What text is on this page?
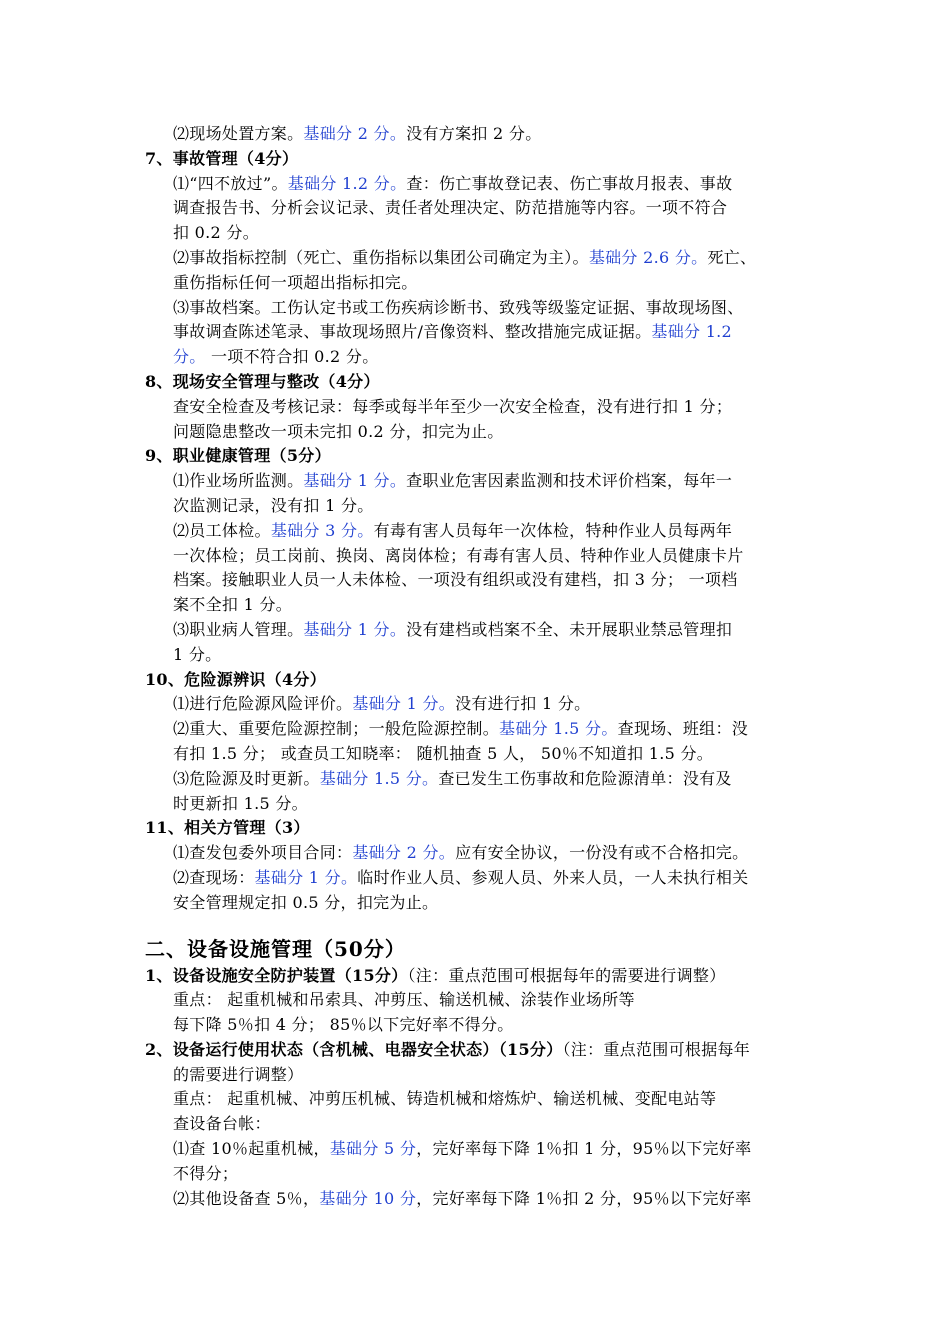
⑵现场处置方案。基础分 2 分。没有方案扣 2 分。
7、事故管理（4分）
⑴“四不放过”。基础分 1.2 分。查：伤亡事故登记表、伤亡事故月报表、事故
调查报告书、分析会议记录、责任者处理决定、防范措施等内容。一项不符合
扣 0.2 分。
⑵事故指标控制（死亡、重伤指标以集团公司确定为主）。基础分 2.6 分。死亡、
重伤指标任何一项超出指标扣完。
⑶事故档案。工伤认定书或工伤疾病诊断书、致残等级鉴定证据、事故现场图、
事故调查陈述笔录、事故现场照片/音像资料、整改措施完成证据。基础分 1.2
分。 一项不符合扣 0.2 分。
8、现场安全管理与整改（4分）
查安全检查及考核记录：每季或每半年至少一次安全检查，没有进行扣 1 分；
问题隐患整改一项未完扣 0.2 分，扣完为止。
9、职业健康管理（5分）
⑴作业场所监测。基础分 1 分。查职业危害因素监测和技术评价档案，每年一
次监测记录，没有扣 1 分。
⑵员工体检。基础分 3 分。有毒有害人员每年一次体检，特种作业人员每两年
一次体检；员工岗前、换岗、离岗体检；有毒有害人员、特种作业人员健康卡片
档案。接触职业人员一人未体检、一项没有组织或没有建档，扣 3 分； 一项档
案不全扣 1 分。
⑶职业病人管理。基础分 1 分。没有建档或档案不全、未开展职业禁忌管理扣
1 分。
10、危险源辨识（4分）
⑴进行危险源风险评价。基础分 1 分。没有进行扣 1 分。
⑵重大、重要危险源控制；一般危险源控制。基础分 1.5 分。查现场、班组：没
有扣 1.5 分； 或查员工知晓率： 随机抽查 5 人， 50％不知道扣 1.5 分。
⑶危险源及时更新。基础分 1.5 分。查已发生工伤事故和危险源清单：没有及
时更新扣 1.5 分。
11、相关方管理（3）
⑴查发包委外项目合同：基础分 2 分。应有安全协议，一份没有或不合格扣完。
⑵查现场：基础分 1 分。临时作业人员、参观人员、外来人员，一人未执行相关
安全管理规定扣 0.5 分，扣完为止。
二、设备设施管理（50分）
1、设备设施安全防护装置（15分）（注：重点范围可根据每年的需要进行调整）
重点： 起重机械和吊索具、冲剪压、输送机械、涂装作业场所等
每下降 5％扣 4 分； 85％以下完好率不得分。
2、设备运行使用状态（含机械、电器安全状态）（15分）（注：重点范围可根据每年
的需要进行调整）
重点： 起重机械、冲剪压机械、铸造机械和熔炼炉、输送机械、变配电站等
查设备台帐：
⑴查 10％起重机械，基础分 5 分，完好率每下降 1％扣 1 分，95％以下完好率
不得分；
⑵其他设备查 5％，基础分 10 分，完好率每下降 1％扣 2 分，95％以下完好率
